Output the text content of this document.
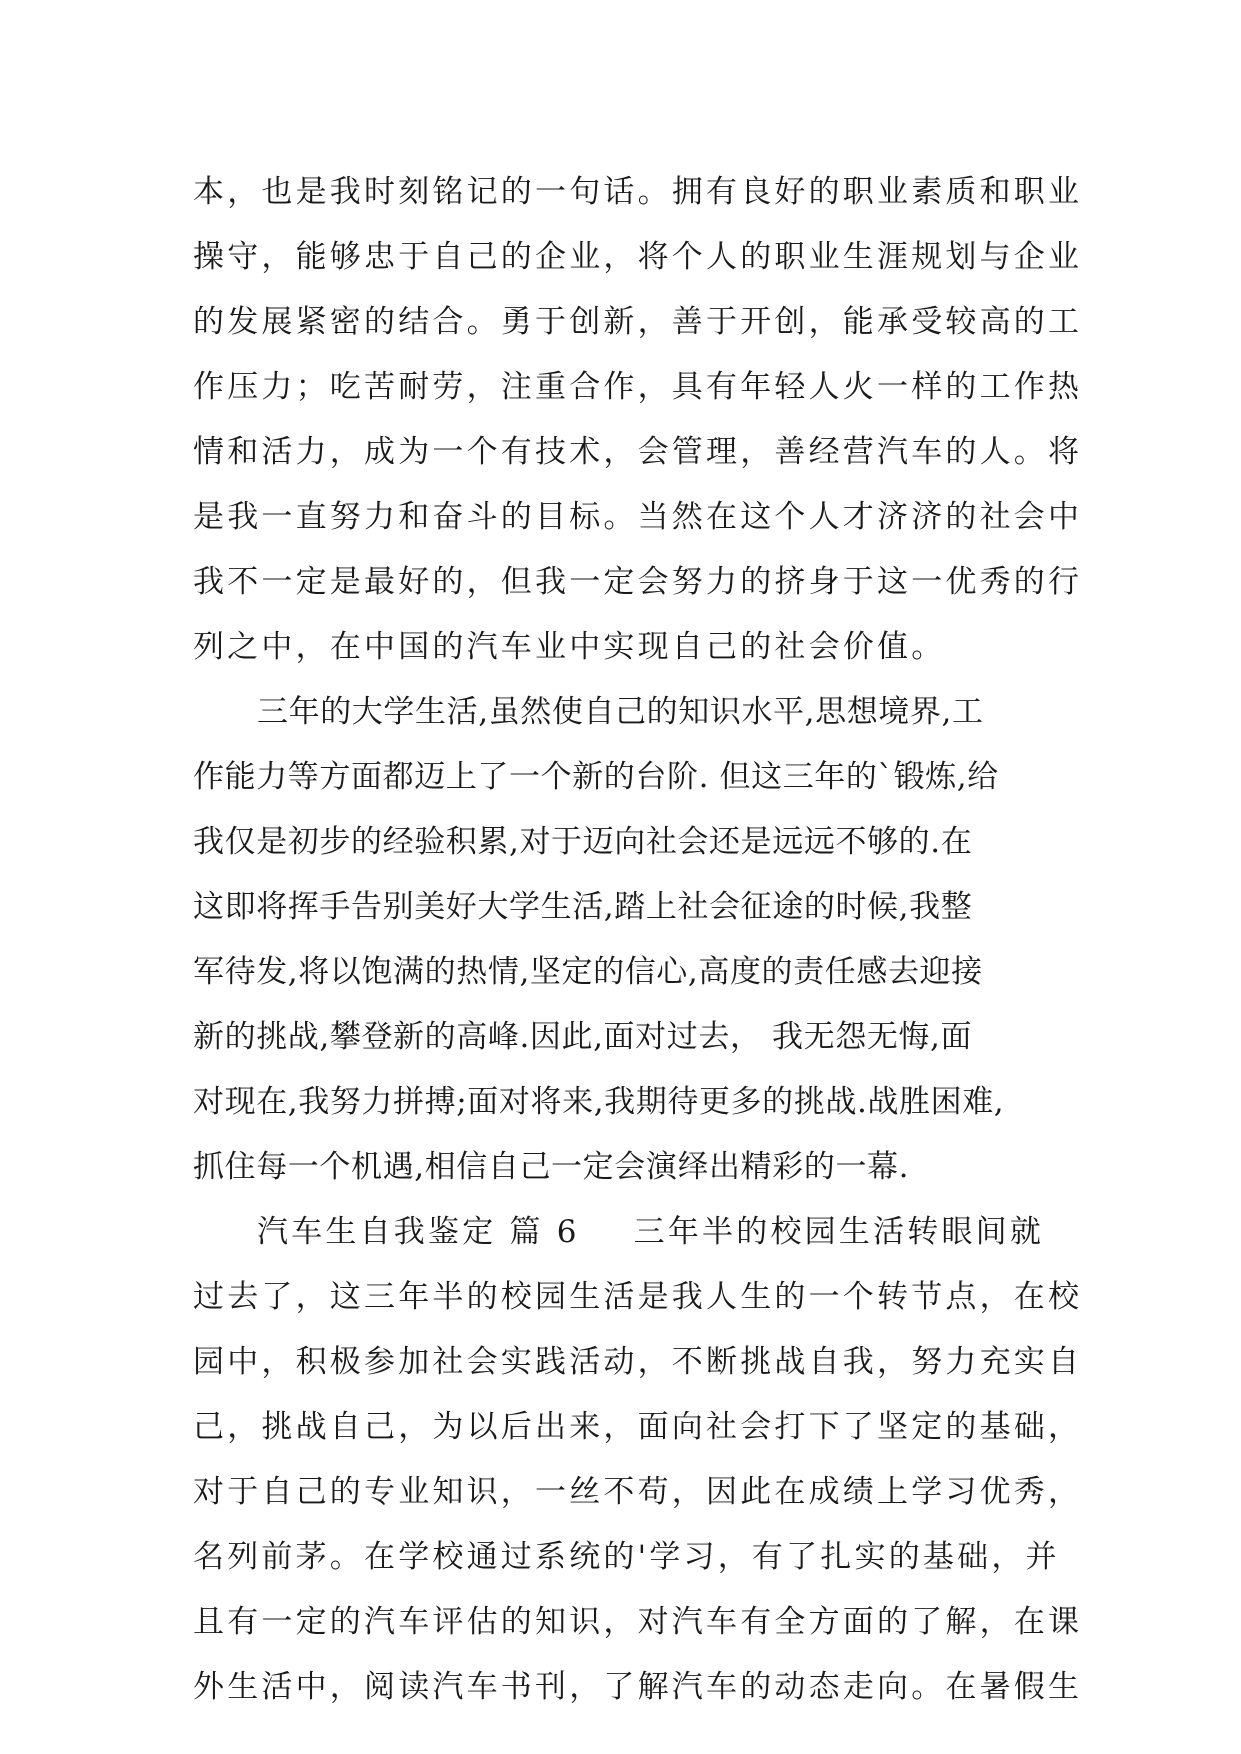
本，也是我时刻铭记的一句话。拥有良好的职业素质和职业
操守，能够忠于自己的企业，将个人的职业生涯规划与企业
的发展紧密的结合。勇于创新，善于开创，能承受较高的工
作压力；吃苦耐劳，注重合作，具有年轻人火一样的工作热
情和活力，成为一个有技术，会管理，善经营汽车的人。将
是我一直努力和奋斗的目标。当然在这个人才济济的社会中
我不一定是最好的，但我一定会努力的挤身于这一优秀的行
列之中，在中国的汽车业中实现自己的社会价值。
三年的大学生活,虽然使自己的知识水平,思想境界,工
作能力等方面都迈上了一个新的台阶. 但这三年的`锻炼,给
我仅是初步的经验积累,对于迈向社会还是远远不够的.在
这即将挥手告别美好大学生活,踏上社会征途的时候,我整
军待发,将以饱满的热情,坚定的信心,高度的责任感去迎接
新的挑战,攀登新的高峰.因此,面对过去， 我无怨无悔,面
对现在,我努力拼搏;面对将来,我期待更多的挑战.战胜困难,
抓住每一个机遇,相信自己一定会演绎出精彩的一幕.
汽车生自我鉴定 篇 6 三年半的校园生活转眼间就
过去了，这三年半的校园生活是我人生的一个转节点，在校
园中，积极参加社会实践活动，不断挑战自我，努力充实自
己，挑战自己，为以后出来，面向社会打下了坚定的基础，
对于自己的专业知识，一丝不苟，因此在成绩上学习优秀，
名列前茅。在学校通过系统的'学习，有了扎实的基础，并
且有一定的汽车评估的知识，对汽车有全方面的了解，在课
外生活中，阅读汽车书刊，了解汽车的动态走向。在暑假生
